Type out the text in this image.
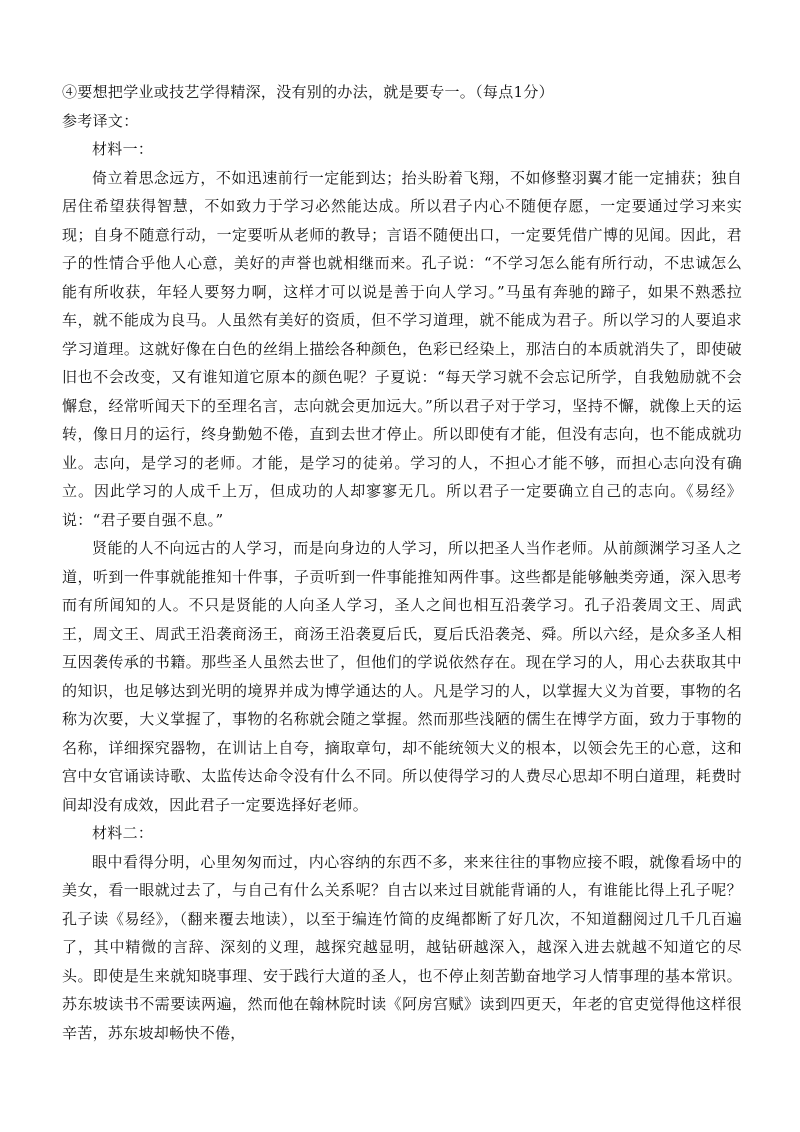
④要想把学业或技艺学得精深，没有别的办法，就是要专一。（每点1分）
参考译文：

材料一：

倚立着思念远方，不如迅速前行一定能到达；抬头盼着飞翔，不如修整羽翼才能一定捕获；独自居住希望获得智慧，不如致力于学习必然能达成。所以君子内心不随便存愿，一定要通过学习来实现；自身不随意行动，一定要听从老师的教导；言语不随便出口，一定要凭借广博的见闻。因此，君子的性情合乎他人心意，美好的声誉也就相继而来。孔子说：“不学习怎么能有所行动，不忠诚怎么能有所收获，年轻人要努力啊，这样才可以说是善于向人学习。”马虽有奔驰的蹄子，如果不熟悉拉车，就不能成为良马。人虽然有美好的资质，但不学习道理，就不能成为君子。所以学习的人要追求学习道理。这就好像在白色的丝绢上描绘各种颜色，色彩已经染上，那洁白的本质就消失了，即使破旧也不会改变，又有谁知道它原本的颜色呢？子夏说：“每天学习就不会忘记所学，自我勉励就不会懈怠，经常听闻天下的至理名言，志向就会更加远大。”所以君子对于学习，坚持不懈，就像上天的运转，像日月的运行，终身勤勉不倦，直到去世才停止。所以即使有才能，但没有志向，也不能成就功业。志向，是学习的老师。才能，是学习的徒弟。学习的人，不担心才能不够，而担心志向没有确立。因此学习的人成千上万，但成功的人却寥寥无几。所以君子一定要确立自己的志向。《易经》说：“君子要自强不息。”

贤能的人不向远古的人学习，而是向身边的人学习，所以把圣人当作老师。从前颜渊学习圣人之道，听到一件事就能推知十件事，子贡听到一件事能推知两件事。这些都是能够触类旁通，深入思考而有所闻知的人。不只是贤能的人向圣人学习，圣人之间也相互沿袭学习。孔子沿袭周文王、周武王，周文王、周武王沿袭商汤王，商汤王沿袭夏后氏，夏后氏沿袭尧、舜。所以六经，是众多圣人相互因袭传承的书籍。那些圣人虽然去世了，但他们的学说依然存在。现在学习的人，用心去获取其中的知识，也足够达到光明的境界并成为博学通达的人。凡是学习的人，以掌握大义为首要，事物的名称为次要，大义掌握了，事物的名称就会随之掌握。然而那些浅陋的儒生在博学方面，致力于事物的名称，详细探究器物，在训诂上自夸，摘取章句，却不能统领大义的根本，以领会先王的心意，这和宫中女官诵读诗歌、太监传达命令没有什么不同。所以使得学习的人费尽心思却不明白道理，耗费时间却没有成效，因此君子一定要选择好老师。

材料二：

眼中看得分明，心里匆匆而过，内心容纳的东西不多，来来往往的事物应接不暇，就像看场中的美女，看一眼就过去了，与自己有什么关系呢？自古以来过目就能背诵的人，有谁能比得上孔子呢？孔子读《易经》，（翻来覆去地读），以至于编连竹简的皮绳都断了好几次，不知道翻阅过几千几百遍了，其中精微的言辞、深刻的义理，越探究越显明，越钻研越深入，越深入进去就越不知道它的尽头。即使是生来就知晓事理、安于践行大道的圣人，也不停止刻苦勤奋地学习人情事理的基本常识。苏东坡读书不需要读两遍，然而他在翰林院时读《阿房宫赋》读到四更天，年老的官吏觉得他这样很辛苦，苏东坡却畅快不倦，
